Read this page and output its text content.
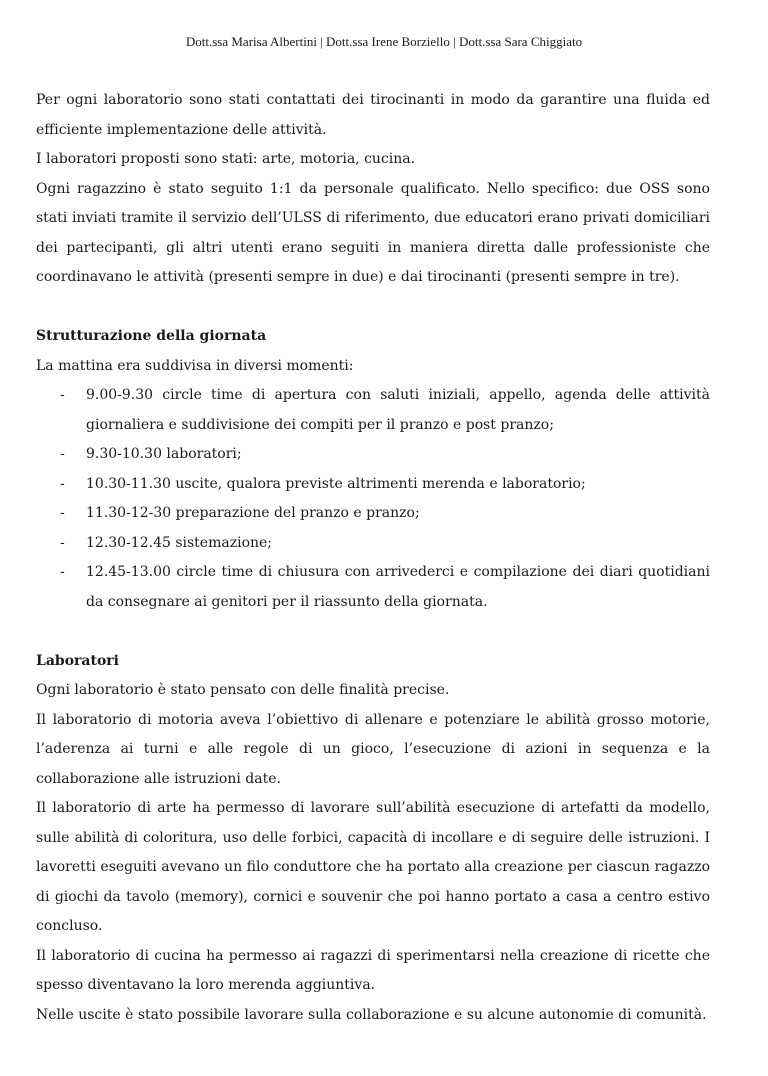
Dott.ssa Marisa Albertini | Dott.ssa Irene Borziello | Dott.ssa Sara Chiggiato

Per ogni laboratorio sono stati contattati dei tirocinanti in modo da garantire una fluida ed efficiente implementazione delle attività.

I laboratori proposti sono stati: arte, motoria, cucina.

Ogni ragazzino è stato seguito 1:1 da personale qualificato. Nello specifico: due OSS sono stati inviati tramite il servizio dell’ULSS di riferimento, due educatori erano privati domiciliari dei partecipanti, gli altri utenti erano seguiti in maniera diretta dalle professioniste che coordinavano le attività (presenti sempre in due) e dai tirocinanti (presenti sempre in tre).

Strutturazione della giornata

La mattina era suddivisa in diversi momenti:

- 9.00-9.30 circle time di apertura con saluti iniziali, appello, agenda delle attività giornaliera e suddivisione dei compiti per il pranzo e post pranzo;
- 9.30-10.30 laboratori;
- 10.30-11.30 uscite, qualora previste altrimenti merenda e laboratorio;
- 11.30-12-30 preparazione del pranzo e pranzo;
- 12.30-12.45 sistemazione;
- 12.45-13.00 circle time di chiusura con arrivederci e compilazione dei diari quotidiani da consegnare ai genitori per il riassunto della giornata.

Laboratori

Ogni laboratorio è stato pensato con delle finalità precise.

Il laboratorio di motoria aveva l’obiettivo di allenare e potenziare le abilità grosso motorie, l’aderenza ai turni e alle regole di un gioco, l’esecuzione di azioni in sequenza e la collaborazione alle istruzioni date.

Il laboratorio di arte ha permesso di lavorare sull’abilità esecuzione di artefatti da modello, sulle abilità di coloritura, uso delle forbici, capacità di incollare e di seguire delle istruzioni. I lavoretti eseguiti avevano un filo conduttore che ha portato alla creazione per ciascun ragazzo di giochi da tavolo (memory), cornici e souvenir che poi hanno portato a casa a centro estivo concluso.

Il laboratorio di cucina ha permesso ai ragazzi di sperimentarsi nella creazione di ricette che spesso diventavano la loro merenda aggiuntiva.

Nelle uscite è stato possibile lavorare sulla collaborazione e su alcune autonomie di comunità.
